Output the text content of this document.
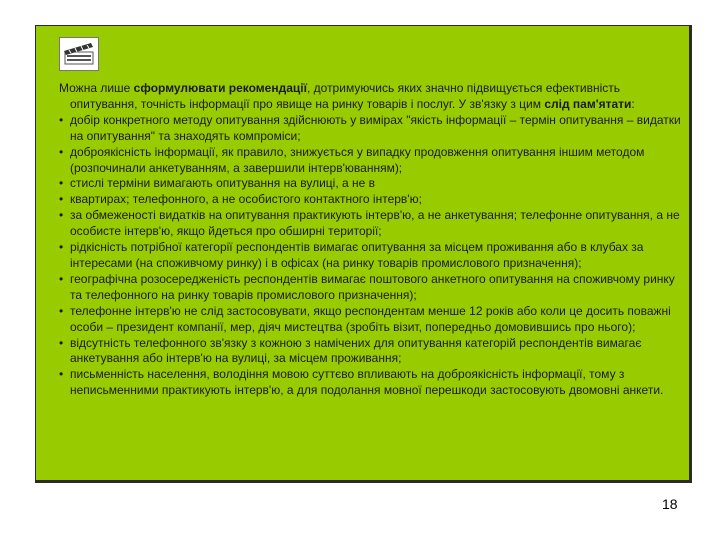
Можна лише сформулювати рекомендації, дотримуючись яких значно підвищується ефективність опитування, точність інформації про явище на ринку товарів і послуг. У зв'язку з цим слід пам'ятати:

• добір конкретного методу опитування здійснюють у вимірах "якість інформації – термін опитування – видатки на опитування" та знаходять компроміси;
• доброякісність інформації, як правило, знижується у випадку продовження опитування іншим методом (розпочинали анкетуванням, а завершили інтерв'юванням);
• стислі терміни вимагають опитування на вулиці, а не в
• квартирах; телефонного, а не особистого контактного інтерв'ю;
• за обмеженості видатків на опитування практикують інтерв'ю, а не анкетування; телефонне опитування, а не особисте інтерв'ю, якщо йдеться про обширні території;
• рідкісність потрібної категорії респондентів вимагає опитування за місцем проживання або в клубах за інтересами (на споживчому ринку) і в офісах (на ринку товарів промислового призначення);
• географічна розосередженість респондентів вимагає поштового анкетного опитування на споживчому ринку та телефонного на ринку товарів промислового призначення);
• телефонне інтерв'ю не слід застосовувати, якщо респондентам менше 12 років або коли це досить поважні особи – президент компанії, мер, діяч мистецтва (зробіть візит, попередньо домовившись про нього);
• відсутність телефонного зв'язку з кожною з намічених для опитування категорій респондентів вимагає анкетування або інтерв'ю на вулиці, за місцем проживання;
• письменність населення, володіння мовою суттєво впливають на доброякісність інформації, тому з неписьменними практикують інтерв'ю, а для подолання мовної перешкоди застосовують двомовні анкети.
18
